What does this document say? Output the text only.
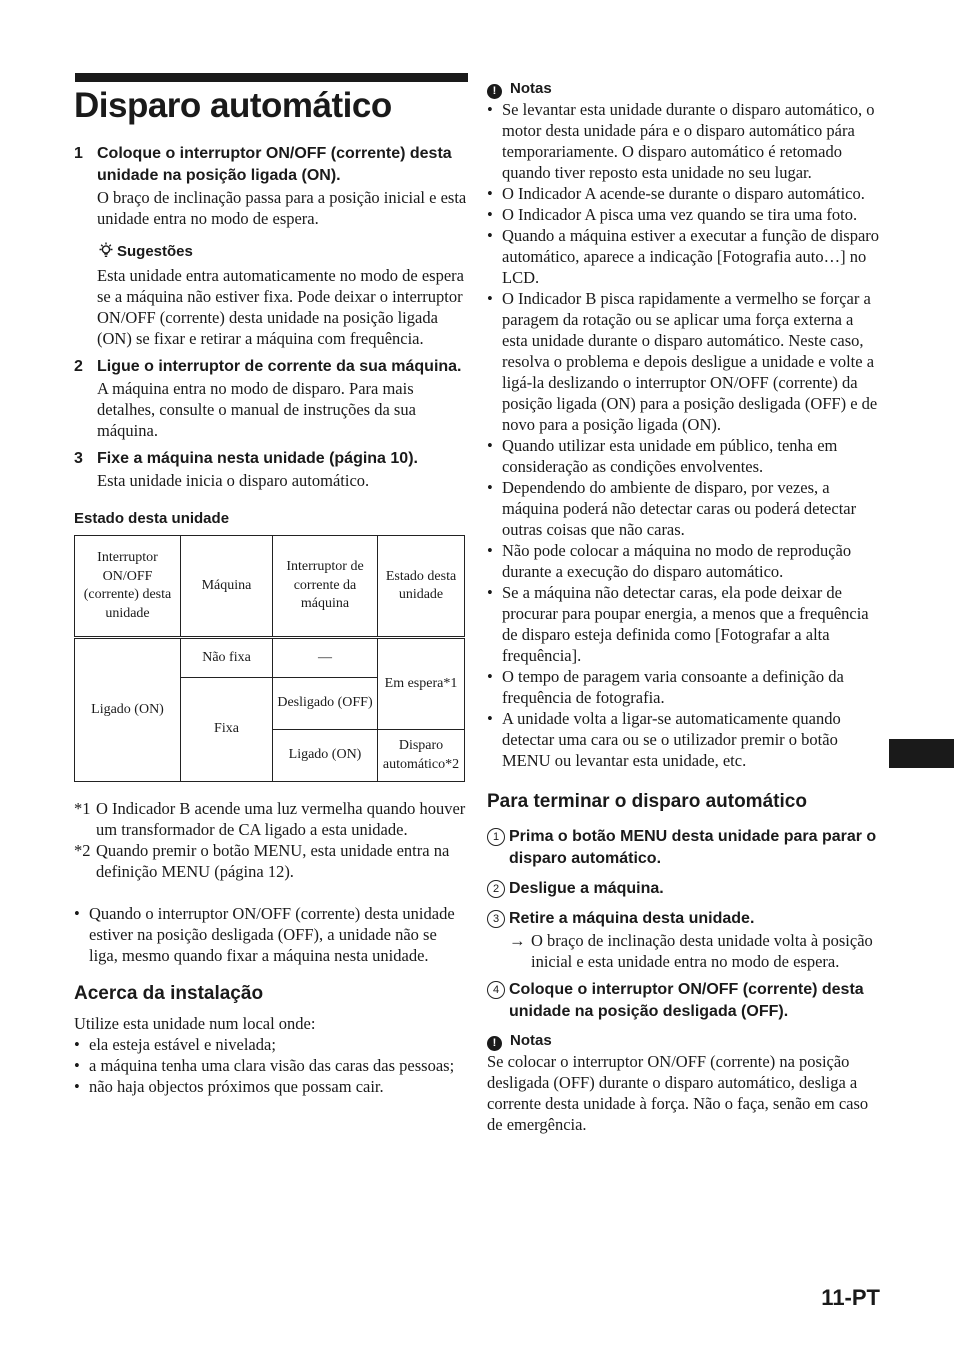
Disparo automático
1 Coloque o interruptor ON/OFF (corrente) desta unidade na posição ligada (ON).
O braço de inclinação passa para a posição inicial e esta unidade entra no modo de espera.
Sugestões
Esta unidade entra automaticamente no modo de espera se a máquina não estiver fixa. Pode deixar o interruptor ON/OFF (corrente) desta unidade na posição ligada (ON) se fixar e retirar a máquina com frequência.
2 Ligue o interruptor de corrente da sua máquina.
A máquina entra no modo de disparo. Para mais detalhes, consulte o manual de instruções da sua máquina.
3 Fixe a máquina nesta unidade (página 10).
Esta unidade inicia o disparo automático.
Estado desta unidade
Interruptor ON/OFF (corrente) desta unidade	Máquina	Interruptor de corrente da máquina	Estado desta unidade
Ligado (ON)	Não fixa	—	Em espera*1
	Fixa	Desligado (OFF)	
		Ligado (ON)	Disparo automático*2
*1 O Indicador B acende uma luz vermelha quando houver um transformador de CA ligado a esta unidade.
*2 Quando premir o botão MENU, esta unidade entra na definição MENU (página 12).
• Quando o interruptor ON/OFF (corrente) desta unidade estiver na posição desligada (OFF), a unidade não se liga, mesmo quando fixar a máquina nesta unidade.
Acerca da instalação
Utilize esta unidade num local onde:
• ela esteja estável e nivelada;
• a máquina tenha uma clara visão das caras das pessoas;
• não haja objectos próximos que possam cair.
! Notas
• Se levantar esta unidade durante o disparo automático, o motor desta unidade pára e o disparo automático pára temporariamente. O disparo automático é retomado quando tiver reposto esta unidade no seu lugar.
• O Indicador A acende-se durante o disparo automático.
• O Indicador A pisca uma vez quando se tira uma foto.
• Quando a máquina estiver a executar a função de disparo automático, aparece a indicação [Fotografia auto…] no LCD.
• O Indicador B pisca rapidamente a vermelho se forçar a paragem da rotação ou se aplicar uma força externa a esta unidade durante o disparo automático. Neste caso, resolva o problema e depois desligue a unidade e volte a ligá-la deslizando o interruptor ON/OFF (corrente) da posição ligada (ON) para a posição desligada (OFF) e de novo para a posição ligada (ON).
• Quando utilizar esta unidade em público, tenha em consideração as condições envolventes.
• Dependendo do ambiente de disparo, por vezes, a máquina poderá não detectar caras ou poderá detectar outras coisas que não caras.
• Não pode colocar a máquina no modo de reprodução durante a execução do disparo automático.
• Se a máquina não detectar caras, ela pode deixar de procurar para poupar energia, a menos que a frequência de disparo esteja definida como [Fotografar a alta frequência].
• O tempo de paragem varia consoante a definição da frequência de fotografia.
• A unidade volta a ligar-se automaticamente quando detectar uma cara ou se o utilizador premir o botão MENU ou levantar esta unidade, etc.
Para terminar o disparo automático
1 Prima o botão MENU desta unidade para parar o disparo automático.
2 Desligue a máquina.
3 Retire a máquina desta unidade.
→ O braço de inclinação desta unidade volta à posição inicial e esta unidade entra no modo de espera.
4 Coloque o interruptor ON/OFF (corrente) desta unidade na posição desligada (OFF).
! Notas
Se colocar o interruptor ON/OFF (corrente) na posição desligada (OFF) durante o disparo automático, desliga a corrente desta unidade à força. Não o faça, senão em caso de emergência.
11-PT
